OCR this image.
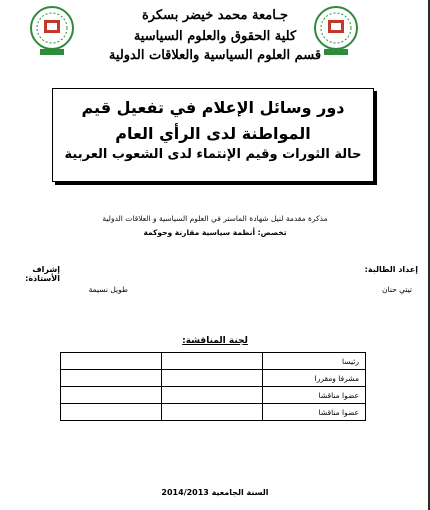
جـامعة محمد خيضر بسكرة
كلية الحقوق والعلوم السياسية
قسم العلوم السياسية والعلاقات الدولية
دور وسائل الإعلام في تفعيل قيم المواطنة لدى الرأي العام
حالة الثورات وقيم الإنتماء لدى الشعوب العربية
مذكرة مقدمة لنيل شهادة الماستر في العلوم السياسية و العلاقات الدولية
تخصص: أنظمة سياسية مقارنة وحوكمة
إعداد الطالبة:
تيتي حنان
إشراف الأستاذة:
طويل نسيمة
لجنة المناقشة:
رئيسا		
مشرفا ومقررا		
عضوا مناقشا		
عضوا مناقشا		
السنة الجامعية 2014/2013
